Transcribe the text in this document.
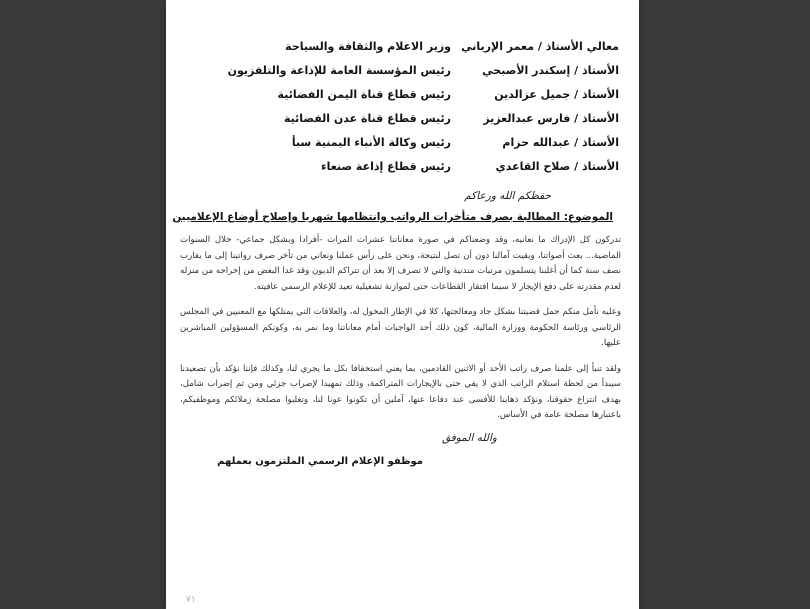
معالي الأستاذ / معمر الإرياني
وزير الاعلام والثقافة والسياحة
الأستاذ / إسكندر الأصبحي
رئيس المؤسسة العامة للإذاعة والتلفزيون
الأستاذ / جميل عزالدين
رئيس قطاع قناة اليمن الفضائية
الأستاذ / فارس عبدالعزيز
رئيس قطاع قناة عدن الفضائية
الأستاذ / عبدالله حزام
رئيس وكالة الأنباء اليمنية سبأ
الأستاذ / صلاح القاعدي
رئيس قطاع إذاعة صنعاء
حفظكم الله ورعاكم
الموضوع: المطالبة بصرف متأخرات الرواتب وانتظامها شهريا وإصلاح أوضاع الإعلاميين

تدركون كل الإدراك ما نعانيه، وقد وضعناكم في صورة معاناتنا عشرات المرات -أفرادا وبشكل جماعي- خلال السنوات الماضية... بعث أصواتنا، وبقيت آمالنا دون أن تصل لنتيجة، ونحن على رأس عملنا ونعاني من تأخر صرف رواتبنا إلى ما يقارب نصف سنة كما أن أغلبنا يتسلمون مرتبات متدنية والتي لا تصرف إلا بعد أن تتراكم الديون وقد غدا البعض من إخراجه من منزله لعدم مقدرته على دفع الإيجار لا سيما افتقار القطاعات حتى لموازنة تشغيلية تعيد للإعلام الرسمي عافيته.

وعليه نأمل منكم حمل قضيتنا بشكل جاد ومعالجتها، كلا في الإطار المخول له، والعلاقات التي يمتلكها مع المعنيين في المجلس الرئاسي ورئاسة الحكومة ووزارة المالية، كون ذلك أحد الواجبات أمام معاناتنا وما نمر به، وكونكم المسؤولين المباشرين عليها.

ولقد تنبأ إلى علمنا صرف راتب الأحد أو الاثنين القادمين، بما يعني استخفافا بكل ما يجري لنا، وكذلك فإننا نؤكد بأن تصعيدنا سيبدأ من لحظة استلام الراتب الذي لا يفي حتى بالإيجارات المتراكمة، وذلك تمهيدا لإضراب جزئي ومن ثم إضراب شامل، بهدف انتزاع حقوقنا، ونؤكد ذهابنا للأقسى عند دفاعا عنها، آملين أن تكونوا عونا لنا، وتغلبوا مصلحة زملائكم وموظفيكم، باعتبارها مصلحة عامة في الأساس.

والله الموفق
موظفو الإعلام الرسمي الملتزمون بعملهم
٧١
